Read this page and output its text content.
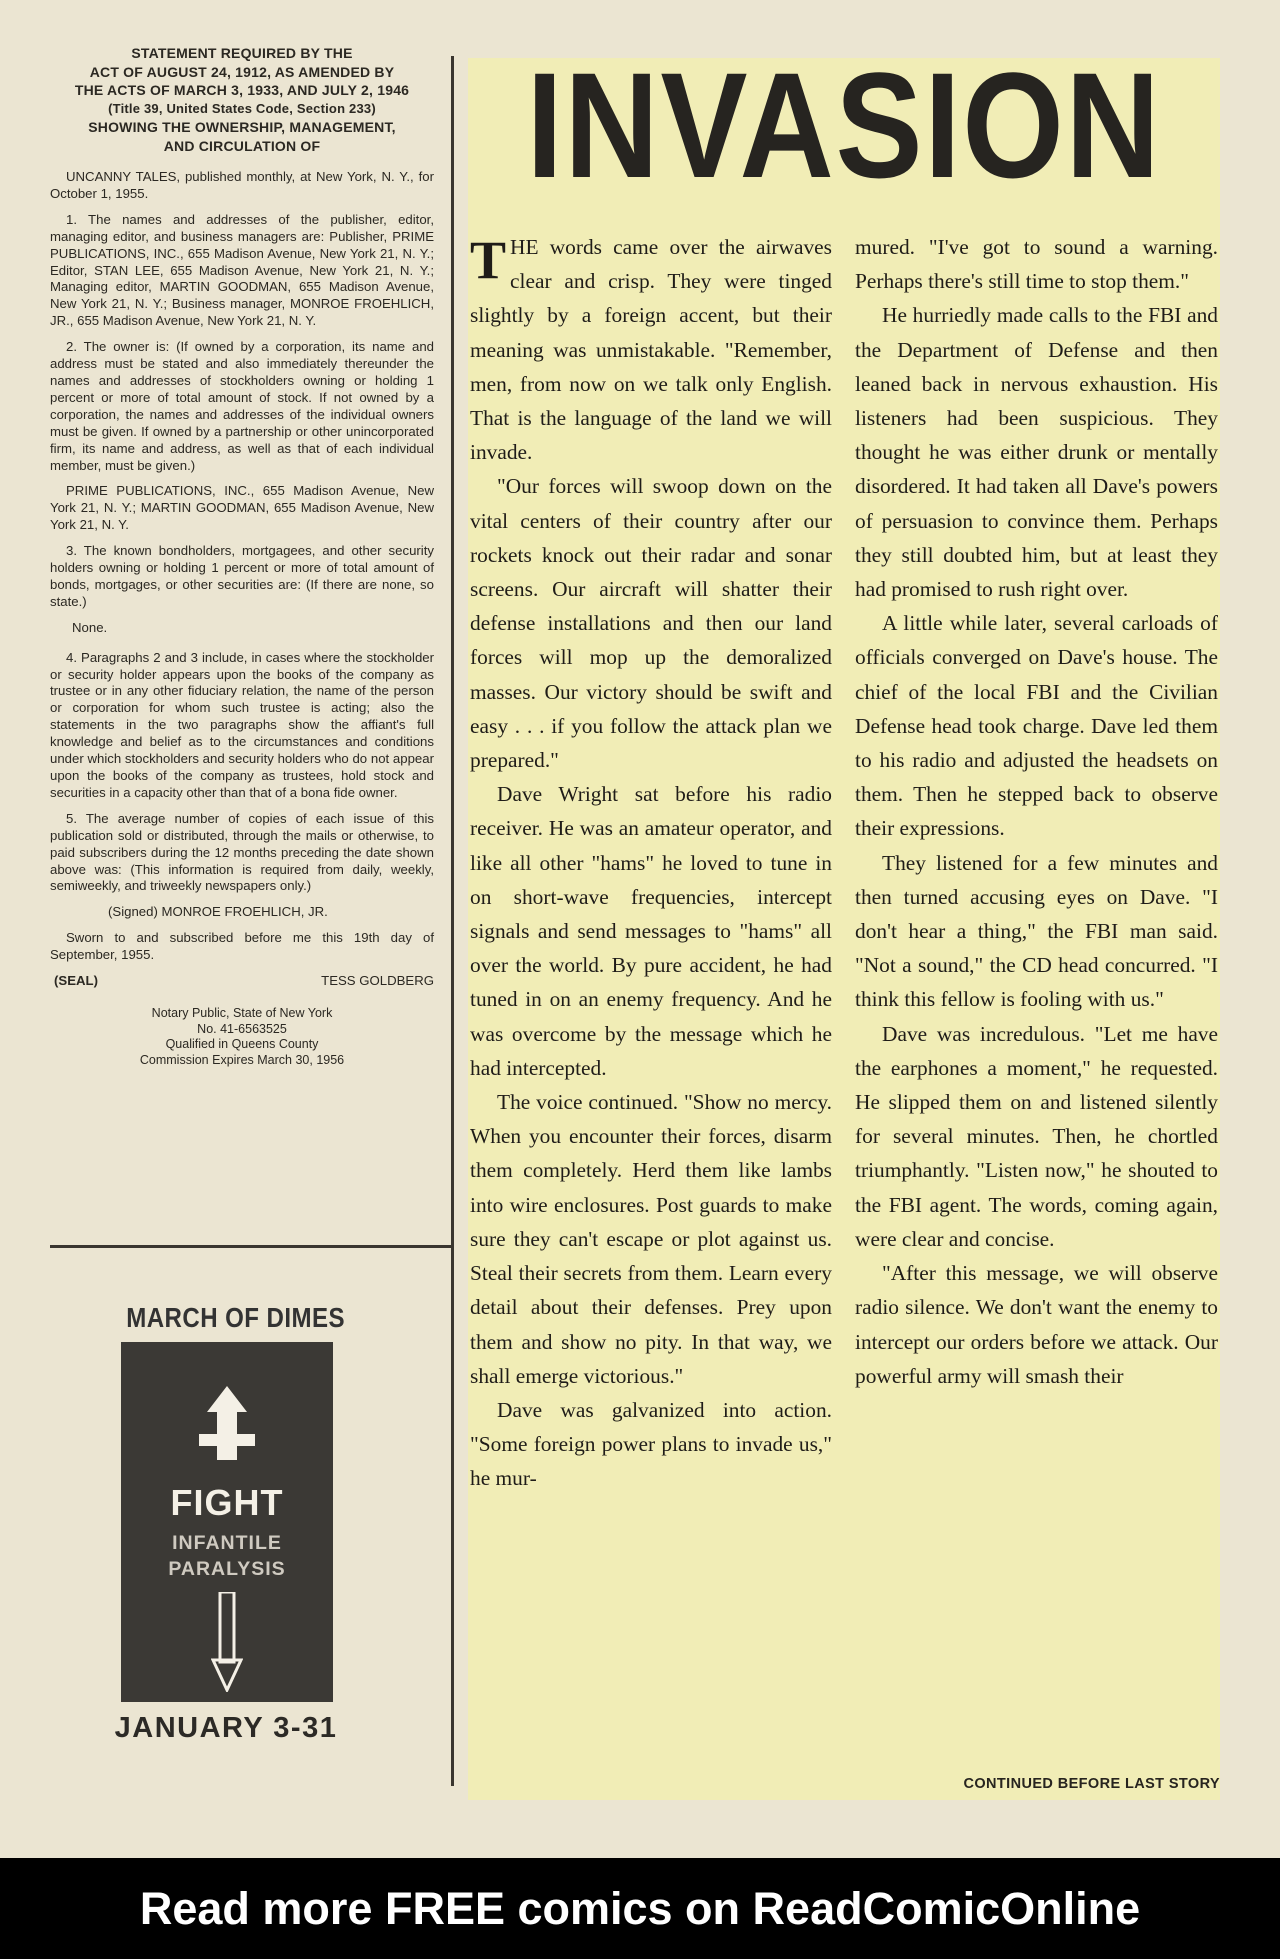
STATEMENT REQUIRED BY THE
ACT OF AUGUST 24, 1912, AS AMENDED BY
THE ACTS OF MARCH 3, 1933, AND JULY 2, 1946
(Title 39, United States Code, Section 233)
SHOWING THE OWNERSHIP, MANAGEMENT,
AND CIRCULATION OF

UNCANNY TALES, published monthly, at New York, N. Y., for October 1, 1955.

1. The names and addresses of the publisher, editor, managing editor, and business managers are: Publisher, PRIME PUBLICATIONS, INC., 655 Madison Avenue, New York 21, N. Y.; Editor, STAN LEE, 655 Madison Avenue, New York 21, N. Y.; Managing editor, MARTIN GOODMAN, 655 Madison Avenue, New York 21, N. Y.; Business manager, MONROE FROEHLICH, JR., 655 Madison Avenue, New York 21, N. Y.

2. The owner is: (If owned by a corporation, its name and address must be stated and also immediately thereunder the names and addresses of stockholders owning or holding 1 percent or more of total amount of stock. If not owned by a corporation, the names and addresses of the individual owners must be given. If owned by a partnership or other unincorporated firm, its name and address, as well as that of each individual member, must be given.)

PRIME PUBLICATIONS, INC., 655 Madison Avenue, New York 21, N. Y.; MARTIN GOODMAN, 655 Madison Avenue, New York 21, N. Y.

3. The known bondholders, mortgagees, and other security holders owning or holding 1 percent or more of total amount of bonds, mortgages, or other securities are: (If there are none, so state.)

None.

4. Paragraphs 2 and 3 include, in cases where the stockholder or security holder appears upon the books of the company as trustee or in any other fiduciary relation, the name of the person or corporation for whom such trustee is acting; also the statements in the two paragraphs show the affiant's full knowledge and belief as to the circumstances and conditions under which stockholders and security holders who do not appear upon the books of the company as trustees, hold stock and securities in a capacity other than that of a bona fide owner.

5. The average number of copies of each issue of this publication sold or distributed, through the mails or otherwise, to paid subscribers during the 12 months preceding the date shown above was: (This information is required from daily, weekly, semiweekly, and triweekly newspapers only.)

(Signed) MONROE FROEHLICH, JR.

Sworn to and subscribed before me this 19th day of September, 1955.

(SEAL)	TESS GOLDBERG
Notary Public, State of New York
No. 41-6563525
Qualified in Queens County
Commission Expires March 30, 1956
MARCH OF DIMES
FIGHT
INFANTILE
PARALYSIS
JANUARY 3-31
INVASION

THE words came over the airwaves clear and crisp. They were tinged slightly by a foreign accent, but their meaning was unmistakable. "Remember, men, from now on we talk only English. That is the language of the land we will invade.

"Our forces will swoop down on the vital centers of their country after our rockets knock out their radar and sonar screens. Our aircraft will shatter their defense installations and then our land forces will mop up the demoralized masses. Our victory should be swift and easy . . . if you follow the attack plan we prepared."

Dave Wright sat before his radio receiver. He was an amateur operator, and like all other "hams" he loved to tune in on short-wave frequencies, intercept signals and send messages to "hams" all over the world. By pure accident, he had tuned in on an enemy frequency. And he was overcome by the message which he had intercepted.

The voice continued. "Show no mercy. When you encounter their forces, disarm them completely. Herd them like lambs into wire enclosures. Post guards to make sure they can't escape or plot against us. Steal their secrets from them. Learn every detail about their defenses. Prey upon them and show no pity. In that way, we shall emerge victorious."

Dave was galvanized into action. "Some foreign power plans to invade us," he mur-

mured. "I've got to sound a warning. Perhaps there's still time to stop them."

He hurriedly made calls to the FBI and the Department of Defense and then leaned back in nervous exhaustion. His listeners had been suspicious. They thought he was either drunk or mentally disordered. It had taken all Dave's powers of persuasion to convince them. Perhaps they still doubted him, but at least they had promised to rush right over.

A little while later, several carloads of officials converged on Dave's house. The chief of the local FBI and the Civilian Defense head took charge. Dave led them to his radio and adjusted the headsets on them. Then he stepped back to observe their expressions.

They listened for a few minutes and then turned accusing eyes on Dave. "I don't hear a thing," the FBI man said. "Not a sound," the CD head concurred. "I think this fellow is fooling with us."

Dave was incredulous. "Let me have the earphones a moment," he requested. He slipped them on and listened silently for several minutes. Then, he chortled triumphantly. "Listen now," he shouted to the FBI agent. The words, coming again, were clear and concise.

"After this message, we will observe radio silence. We don't want the enemy to intercept our orders before we attack. Our powerful army will smash their

CONTINUED BEFORE LAST STORY
Read more FREE comics on ReadComicOnline
